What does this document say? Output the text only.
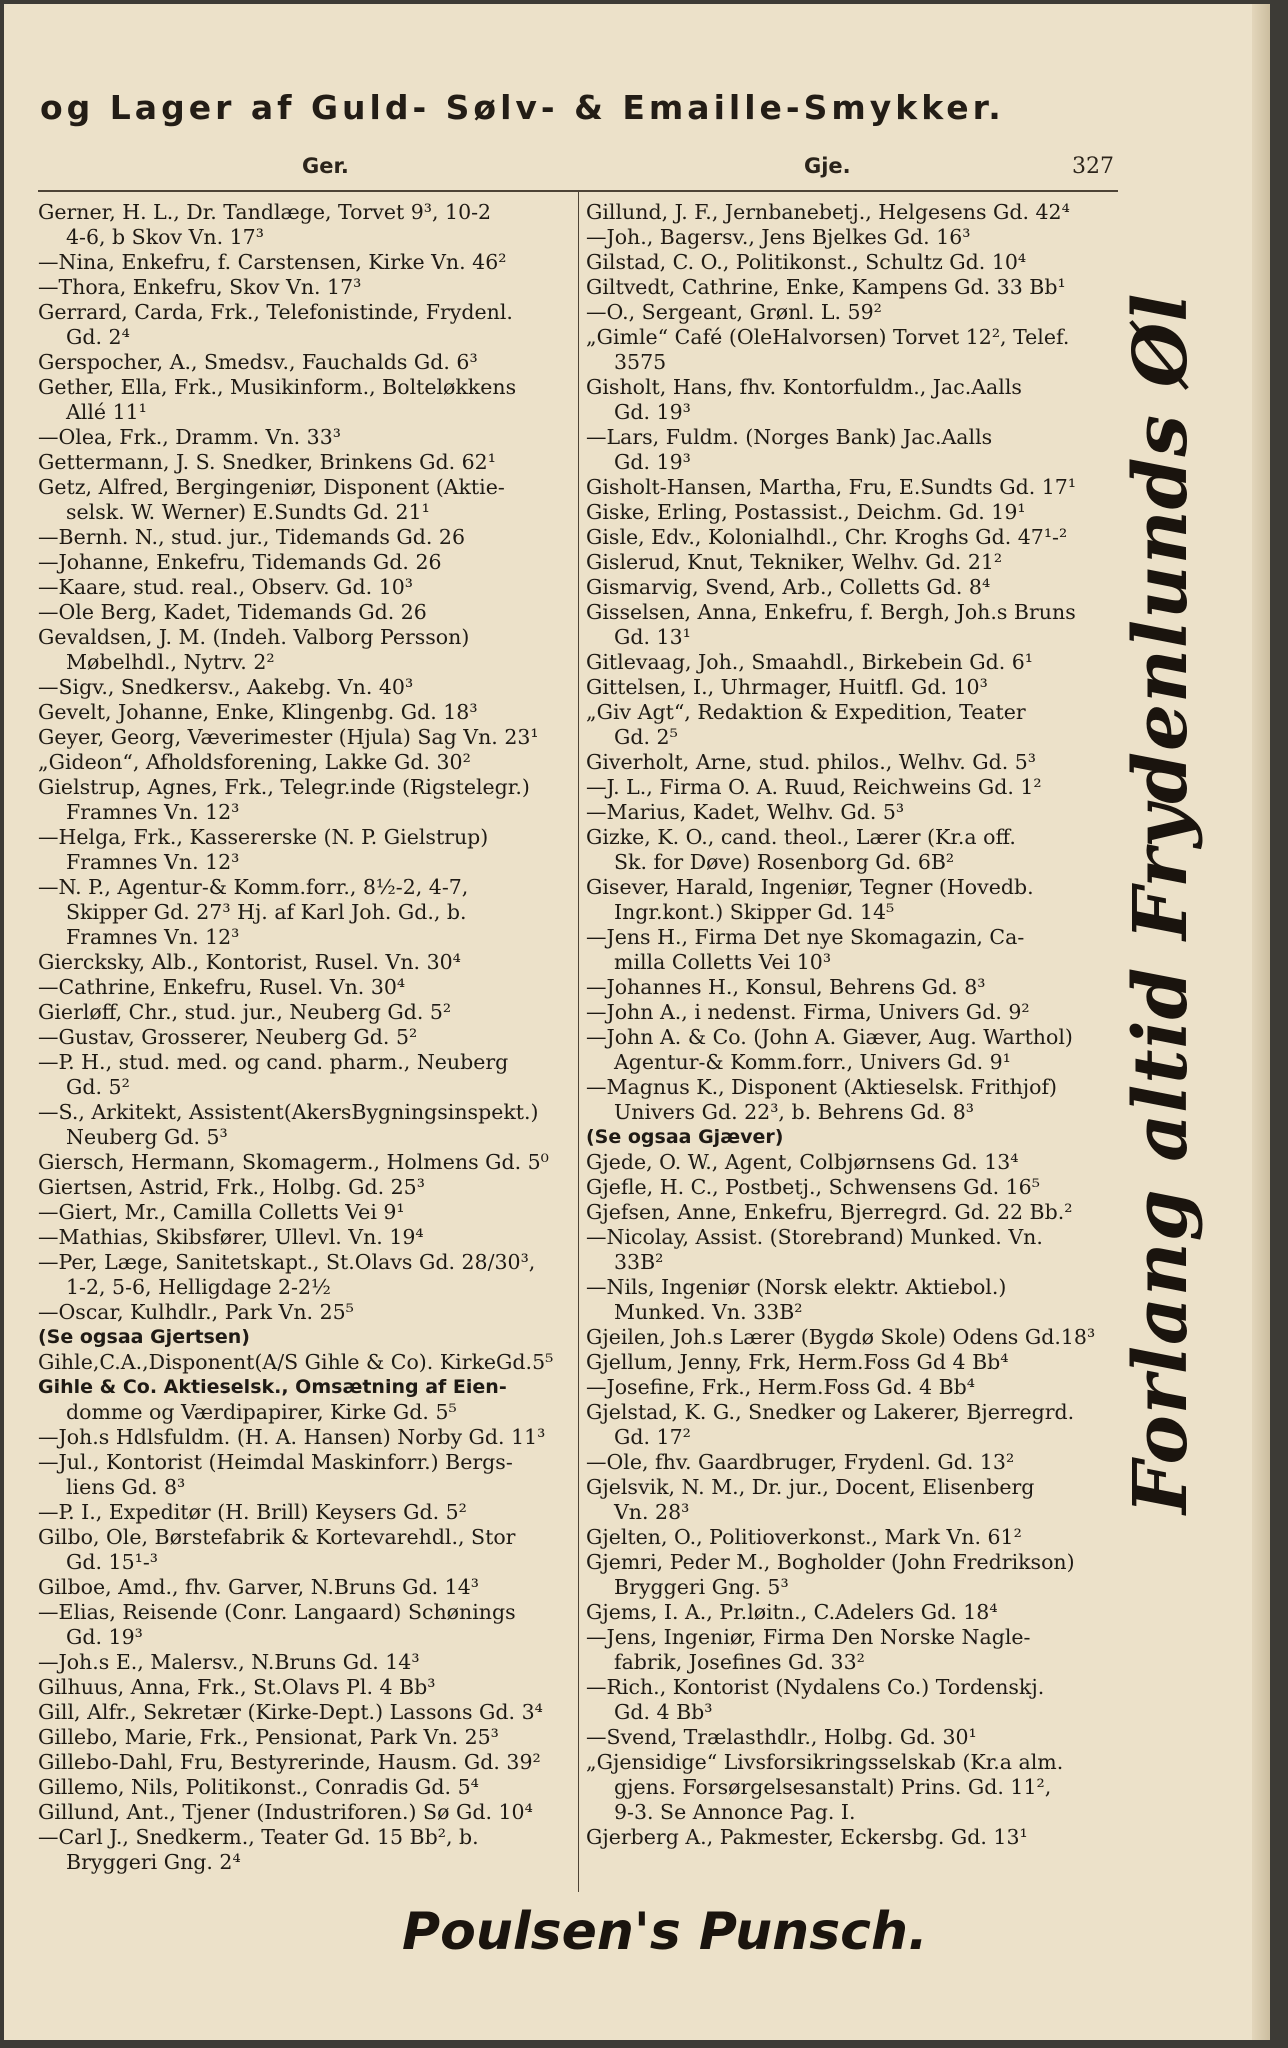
og Lager af Guld- Sølv- & Emaille-Smykker.
Ger.	Gje.	327
Gerner, H. L., Dr. Tandlæge, Torvet 9³, 10-2
4-6, b Skov Vn. 17³
—Nina, Enkefru, f. Carstensen, Kirke Vn. 46²
—Thora, Enkefru, Skov Vn. 17³
Gerrard, Carda, Frk., Telefonistinde, Frydenl.
Gd. 2⁴
Gerspocher, A., Smedsv., Fauchalds Gd. 6³
Gether, Ella, Frk., Musikinform., Bolteløkkens
Allé 11¹
—Olea, Frk., Dramm. Vn. 33³
Gettermann, J. S. Snedker, Brinkens Gd. 62¹
Getz, Alfred, Bergingeniør, Disponent (Aktie-
selsk. W. Werner) E.Sundts Gd. 21¹
—Bernh. N., stud. jur., Tidemands Gd. 26
—Johanne, Enkefru, Tidemands Gd. 26
—Kaare, stud. real., Observ. Gd. 10³
—Ole Berg, Kadet, Tidemands Gd. 26
Gevaldsen, J. M. (Indeh. Valborg Persson)
Møbelhdl., Nytrv. 2²
—Sigv., Snedkersv., Aakebg. Vn. 40³
Gevelt, Johanne, Enke, Klingenbg. Gd. 18³
Geyer, Georg, Væverimester (Hjula) Sag Vn. 23¹
„Gideon“, Afholdsforening, Lakke Gd. 30²
Gielstrup, Agnes, Frk., Telegr.inde (Rigstelegr.)
Framnes Vn. 12³
—Helga, Frk., Kassererske (N. P. Gielstrup)
Framnes Vn. 12³
—N. P., Agentur-& Komm.forr., 8½-2, 4-7,
Skipper Gd. 27³ Hj. af Karl Joh. Gd., b.
Framnes Vn. 12³
Giercksky, Alb., Kontorist, Rusel. Vn. 30⁴
—Cathrine, Enkefru, Rusel. Vn. 30⁴
Gierløff, Chr., stud. jur., Neuberg Gd. 5²
—Gustav, Grosserer, Neuberg Gd. 5²
—P. H., stud. med. og cand. pharm., Neuberg
Gd. 5²
—S., Arkitekt, Assistent(AkersBygningsinspekt.)
Neuberg Gd. 5³
Giersch, Hermann, Skomagerm., Holmens Gd. 5⁰
Giertsen, Astrid, Frk., Holbg. Gd. 25³
—Giert, Mr., Camilla Colletts Vei 9¹
—Mathias, Skibsfører, Ullevl. Vn. 19⁴
—Per, Læge, Sanitetskapt., St.Olavs Gd. 28/30³,
1-2, 5-6, Helligdage 2-2½
—Oscar, Kulhdlr., Park Vn. 25⁵
(Se ogsaa Gjertsen)
Gihle,C.A.,Disponent(A/S Gihle & Co). KirkeGd.5⁵
Gihle & Co. Aktieselsk., Omsætning af Eien-
domme og Værdipapirer, Kirke Gd. 5⁵
—Joh.s Hdlsfuldm. (H. A. Hansen) Norby Gd. 11³
—Jul., Kontorist (Heimdal Maskinforr.) Bergs-
liens Gd. 8³
—P. I., Expeditør (H. Brill) Keysers Gd. 5²
Gilbo, Ole, Børstefabrik & Kortevarehdl., Stor
Gd. 15¹-³
Gilboe, Amd., fhv. Garver, N.Bruns Gd. 14³
—Elias, Reisende (Conr. Langaard) Schønings
Gd. 19³
—Joh.s E., Malersv., N.Bruns Gd. 14³
Gilhuus, Anna, Frk., St.Olavs Pl. 4 Bb³
Gill, Alfr., Sekretær (Kirke-Dept.) Lassons Gd. 3⁴
Gillebo, Marie, Frk., Pensionat, Park Vn. 25³
Gillebo-Dahl, Fru, Bestyrerinde, Hausm. Gd. 39²
Gillemo, Nils, Politikonst., Conradis Gd. 5⁴
Gillund, Ant., Tjener (Industriforen.) Sø Gd. 10⁴
—Carl J., Snedkerm., Teater Gd. 15 Bb², b.
Bryggeri Gng. 2⁴
Gillund, J. F., Jernbanebetj., Helgesens Gd. 42⁴
—Joh., Bagersv., Jens Bjelkes Gd. 16³
Gilstad, C. O., Politikonst., Schultz Gd. 10⁴
Giltvedt, Cathrine, Enke, Kampens Gd. 33 Bb¹
—O., Sergeant, Grønl. L. 59²
„Gimle“ Café (OleHalvorsen) Torvet 12², Telef.
3575
Gisholt, Hans, fhv. Kontorfuldm., Jac.Aalls
Gd. 19³
—Lars, Fuldm. (Norges Bank) Jac.Aalls
Gd. 19³
Gisholt-Hansen, Martha, Fru, E.Sundts Gd. 17¹
Giske, Erling, Postassist., Deichm. Gd. 19¹
Gisle, Edv., Kolonialhdl., Chr. Kroghs Gd. 47¹-²
Gislerud, Knut, Tekniker, Welhv. Gd. 21²
Gismarvig, Svend, Arb., Colletts Gd. 8⁴
Gisselsen, Anna, Enkefru, f. Bergh, Joh.s Bruns
Gd. 13¹
Gitlevaag, Joh., Smaahdl., Birkebein Gd. 6¹
Gittelsen, I., Uhrmager, Huitfl. Gd. 10³
„Giv Agt“, Redaktion & Expedition, Teater
Gd. 2⁵
Giverholt, Arne, stud. philos., Welhv. Gd. 5³
—J. L., Firma O. A. Ruud, Reichweins Gd. 1²
—Marius, Kadet, Welhv. Gd. 5³
Gizke, K. O., cand. theol., Lærer (Kr.a off.
Sk. for Døve) Rosenborg Gd. 6B²
Gisever, Harald, Ingeniør, Tegner (Hovedb.
Ingr.kont.) Skipper Gd. 14⁵
—Jens H., Firma Det nye Skomagazin, Ca-
milla Colletts Vei 10³
—Johannes H., Konsul, Behrens Gd. 8³
—John A., i nedenst. Firma, Univers Gd. 9²
—John A. & Co. (John A. Giæver, Aug. Warthol)
Agentur-& Komm.forr., Univers Gd. 9¹
—Magnus K., Disponent (Aktieselsk. Frithjof)
Univers Gd. 22³, b. Behrens Gd. 8³
(Se ogsaa Gjæver)
Gjede, O. W., Agent, Colbjørnsens Gd. 13⁴
Gjefle, H. C., Postbetj., Schwensens Gd. 16⁵
Gjefsen, Anne, Enkefru, Bjerregrd. Gd. 22 Bb.²
—Nicolay, Assist. (Storebrand) Munked. Vn.
33B²
—Nils, Ingeniør (Norsk elektr. Aktiebol.)
Munked. Vn. 33B²
Gjeilen, Joh.s Lærer (Bygdø Skole) Odens Gd.18³
Gjellum, Jenny, Frk, Herm.Foss Gd 4 Bb⁴
—Josefine, Frk., Herm.Foss Gd. 4 Bb⁴
Gjelstad, K. G., Snedker og Lakerer, Bjerregrd.
Gd. 17²
—Ole, fhv. Gaardbruger, Frydenl. Gd. 13²
Gjelsvik, N. M., Dr. jur., Docent, Elisenberg
Vn. 28³
Gjelten, O., Politioverkonst., Mark Vn. 61²
Gjemri, Peder M., Bogholder (John Fredrikson)
Bryggeri Gng. 5³
Gjems, I. A., Pr.løitn., C.Adelers Gd. 18⁴
—Jens, Ingeniør, Firma Den Norske Nagle-
fabrik, Josefines Gd. 33²
—Rich., Kontorist (Nydalens Co.) Tordenskj.
Gd. 4 Bb³
—Svend, Trælasthdlr., Holbg. Gd. 30¹
„Gjensidige“ Livsforsikringsselskab (Kr.a alm.
gjens. Forsørgelsesanstalt) Prins. Gd. 11²,
9-3. Se Annonce Pag. I.
Gjerberg A., Pakmester, Eckersbg. Gd. 13¹
Forlang altid Frydenlunds Øl
Poulsen's Punsch.
